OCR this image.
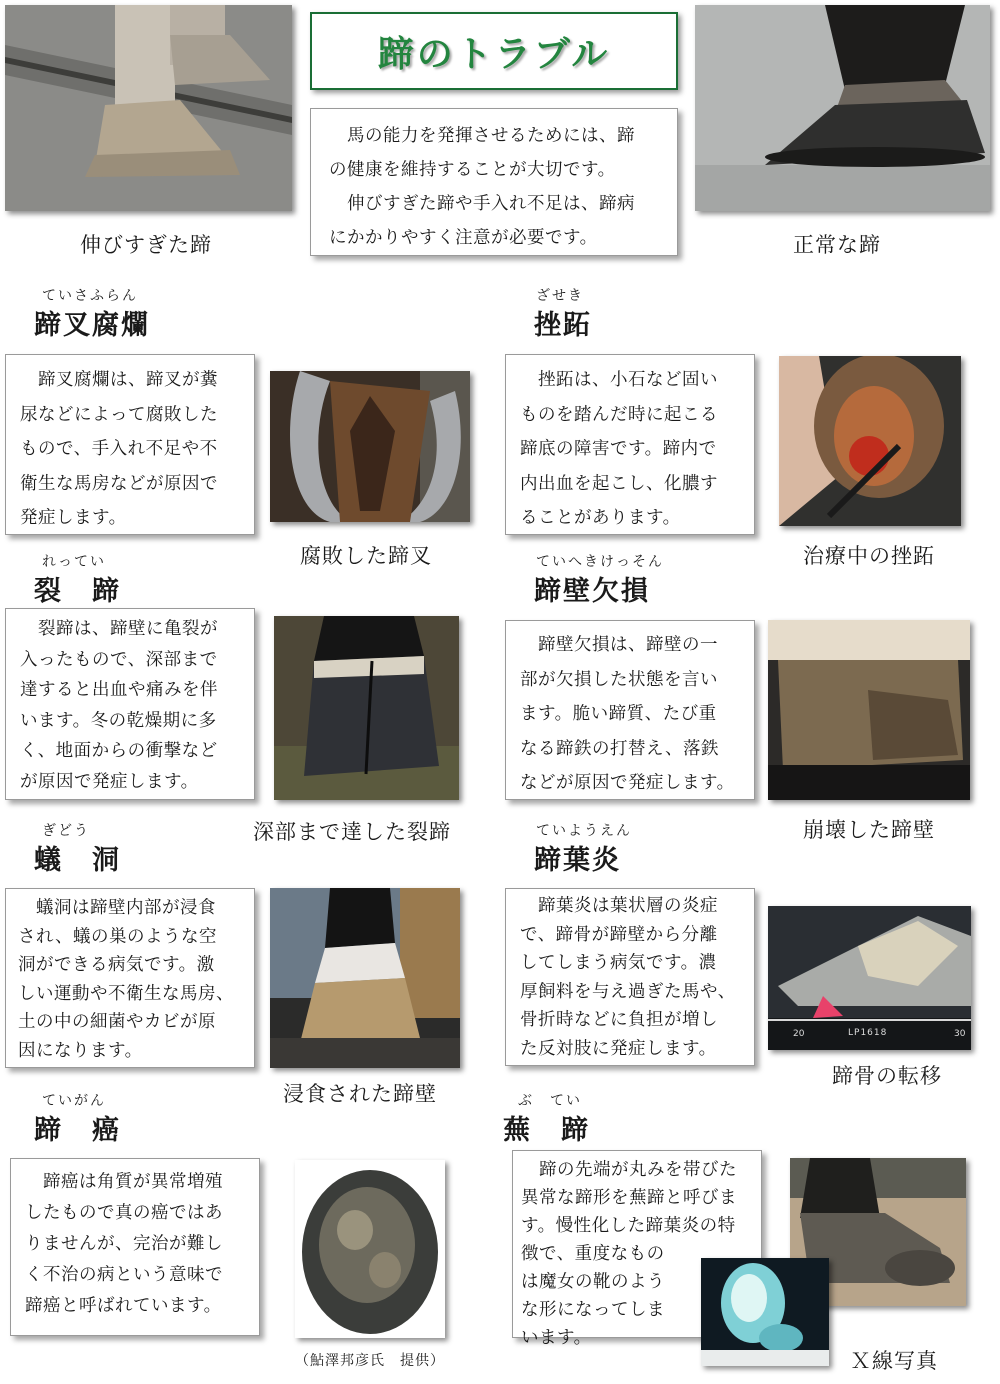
蹄のトラブル

　馬の能力を発揮させるためには、蹄
の健康を維持することが大切です。
　伸びすぎた蹄や手入れ不足は、蹄病
にかかりやすく注意が必要です。

伸びすぎた蹄	正常な蹄
ていさふらん
蹄叉腐爛

　蹄叉腐爛は、蹄叉が糞
尿などによって腐敗した
もので、手入れ不足や不
衛生な馬房などが原因で
発症します。

腐敗した蹄叉
ざせき
挫跖

　挫跖は、小石など固い
ものを踏んだ時に起こる
蹄底の障害です。蹄内で
内出血を起こし、化膿す
ることがあります。

治療中の挫跖
れってい
裂　蹄

　裂蹄は、蹄壁に亀裂が
入ったもので、深部まで
達すると出血や痛みを伴
います。冬の乾燥期に多
く、地面からの衝撃など
が原因で発症します。

深部まで達した裂蹄
ていへきけっそん
蹄壁欠損

　蹄壁欠損は、蹄壁の一
部が欠損した状態を言い
ます。脆い蹄質、たび重
なる蹄鉄の打替え、落鉄
などが原因で発症します。

崩壊した蹄壁
ぎどう
蟻　洞

　蟻洞は蹄壁内部が浸食
され、蟻の巣のような空
洞ができる病気です。激
しい運動や不衛生な馬房、
土の中の細菌やカビが原
因になります。

浸食された蹄壁
ていようえん
蹄葉炎

　蹄葉炎は葉状層の炎症
で、蹄骨が蹄壁から分離
してしまう病気です。濃
厚飼料を与え過ぎた馬や、
骨折時などに負担が増し
た反対肢に発症します。

20	LP1618	30
蹄骨の転移
ていがん
蹄　癌

　蹄癌は角質が異常増殖
したもので真の癌ではあ
りませんが、完治が難し
く不治の病という意味で
蹄癌と呼ばれています。

（鮎澤邦彦氏　提供）
ぶ　てい
蕪　蹄

　蹄の先端が丸みを帯びた
異常な蹄形を蕪蹄と呼びま
す。慢性化した蹄葉炎の特
徴で、重度なもの
は魔女の靴のよう
な形になってしま
います。

Ｘ線写真
